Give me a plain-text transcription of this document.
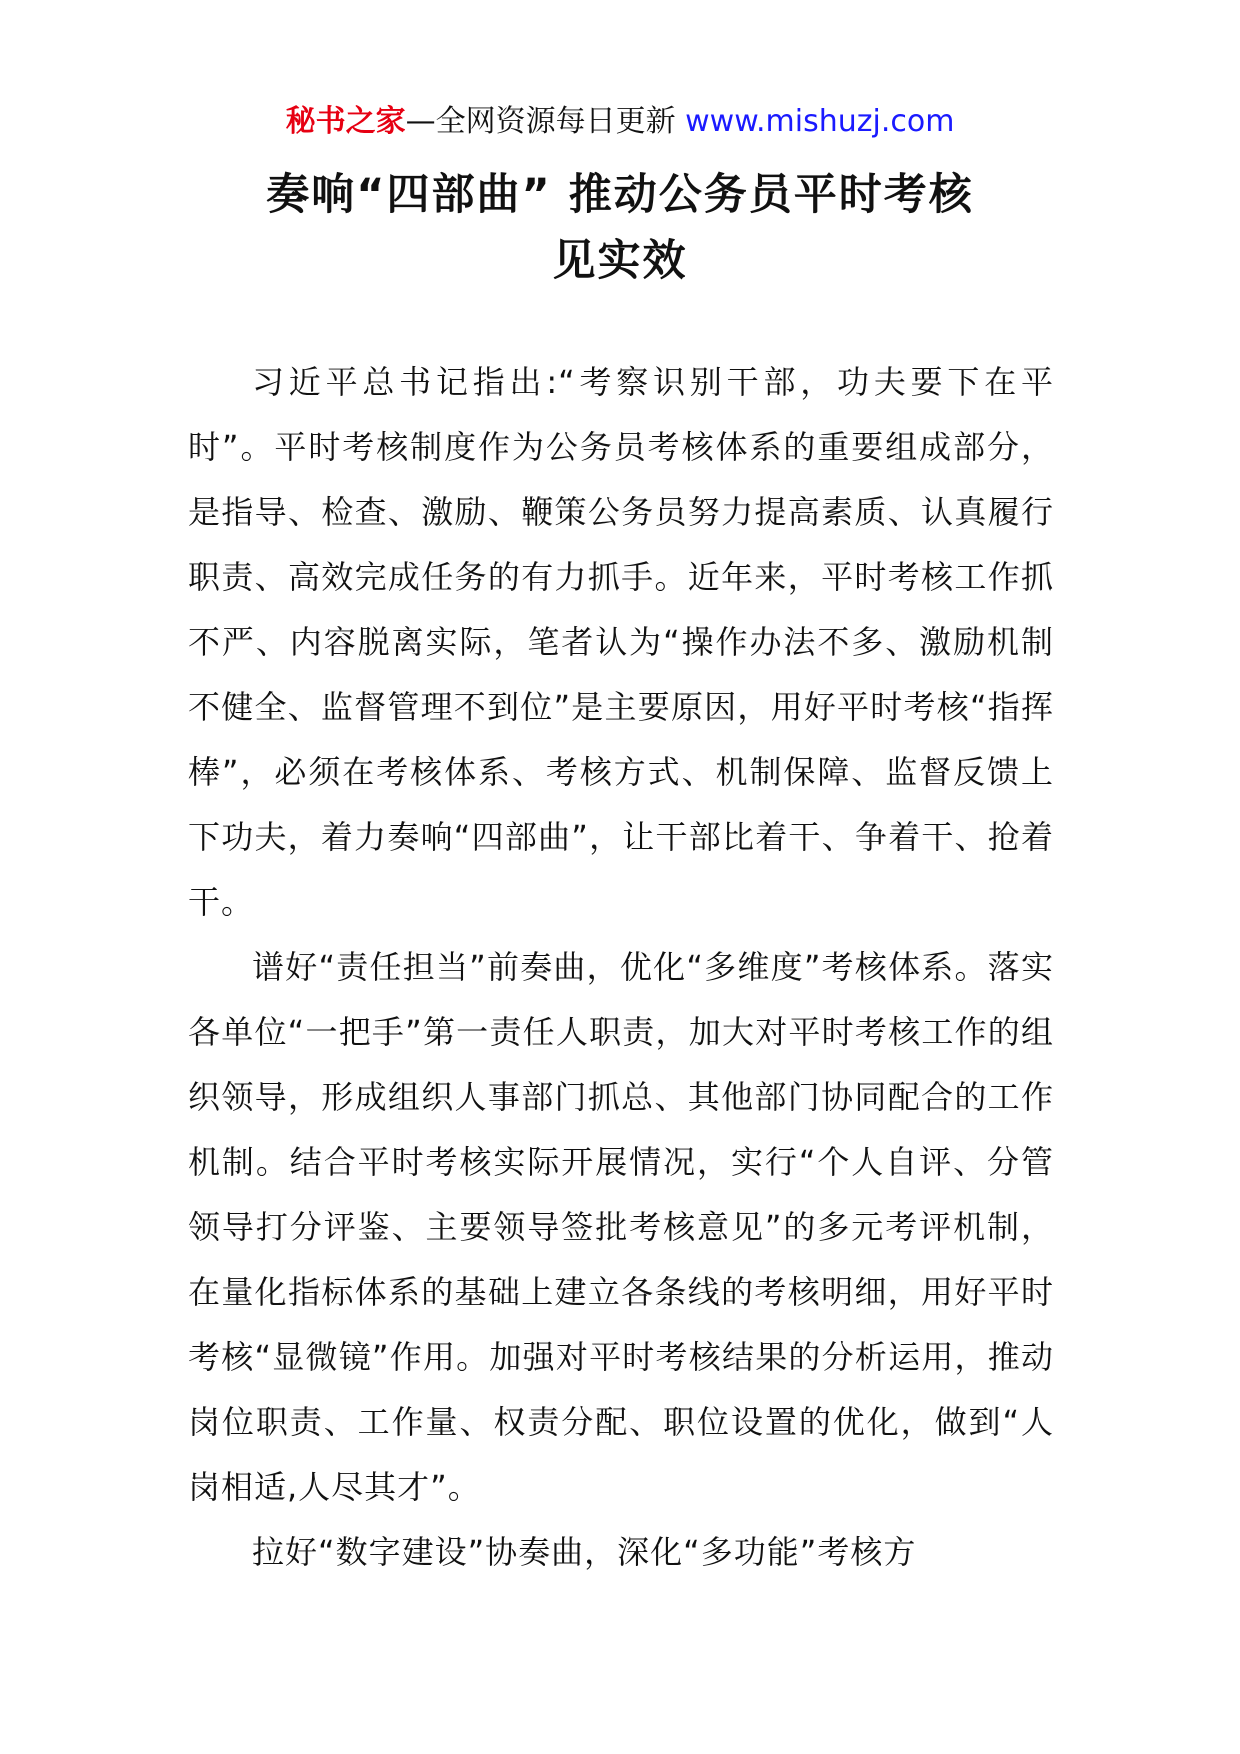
秘书之家—全网资源每日更新 www.mishuzj.com
奏响“四部曲” 推动公务员平时考核
见实效

习近平总书记指出:“考察识别干部，功夫要下在平时”。平时考核制度作为公务员考核体系的重要组成部分，是指导、检查、激励、鞭策公务员努力提高素质、认真履行职责、高效完成任务的有力抓手。近年来，平时考核工作抓不严、内容脱离实际，笔者认为“操作办法不多、激励机制不健全、监督管理不到位”是主要原因，用好平时考核“指挥棒”，必须在考核体系、考核方式、机制保障、监督反馈上下功夫，着力奏响“四部曲”，让干部比着干、争着干、抢着干。

谱好“责任担当”前奏曲，优化“多维度”考核体系。落实各单位“一把手”第一责任人职责，加大对平时考核工作的组织领导，形成组织人事部门抓总、其他部门协同配合的工作机制。结合平时考核实际开展情况，实行“个人自评、分管领导打分评鉴、主要领导签批考核意见”的多元考评机制，在量化指标体系的基础上建立各条线的考核明细，用好平时考核“显微镜”作用。加强对平时考核结果的分析运用，推动岗位职责、工作量、权责分配、职位设置的优化，做到“人岗相适,人尽其才”。

拉好“数字建设”协奏曲，深化“多功能”考核方
